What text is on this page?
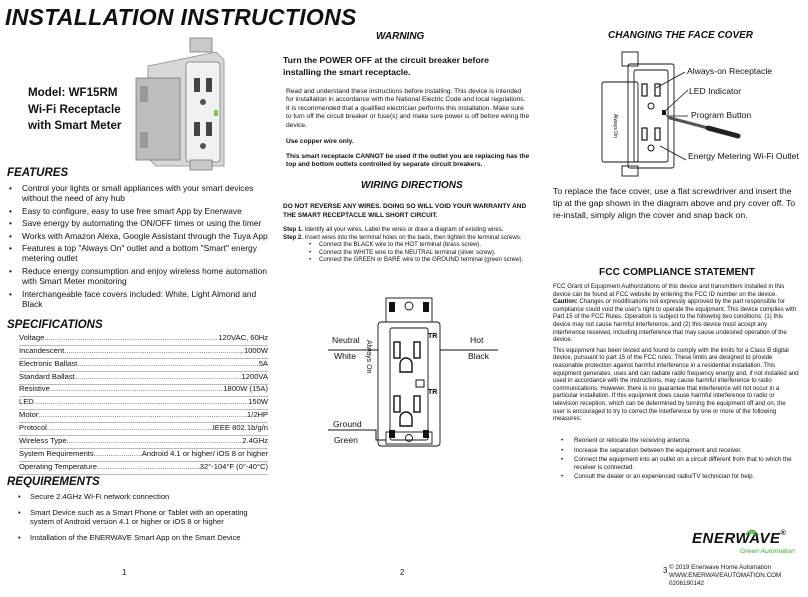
INSTALLATION INSTRUCTIONS
Model: WF15RM
Wi-Fi Receptacle
with Smart Meter
FEATURES
• Control your lights or small appliances with your smart devices without the need of any hub
• Easy to configure, easy to use free smart App by Enerwave
• Save energy by automating the ON/OFF times or using the timer
• Works with Amazon Alexa, Google Assistant through the Tuya App
• Features a top "Always On" outlet and a bottom "Smart" energy metering outlet
• Reduce energy consumption and enjoy wireless home automation with Smart Meter monitoring
• Interchangeable face covers included: White, Light Almond and Black
SPECIFICATIONS
Voltage .....	120VAC, 60Hz
Incandescent .....	1000W
Electronic Ballast .....	5A
Standard Ballast .....	1200VA
Resistive .....	1800W (15A)
LED .....	150W
Motor .....	1/2HP
Protocol .....	IEEE 802.1b/g/n
Wireless Type .....	2.4GHz
System Requirements .....	Android 4.1 or higher/ iOS 8 or higher
Operating Temperature .....	32°-104°F (0°-40°C)
REQUIREMENTS
• Secure 2.4GHz Wi-Fi network connection
• Smart Device such as a Smart Phone or Tablet with an operating system of Android version 4.1 or higher or iOS 8 or higher
• Installation of the ENERWAVE Smart App on the Smart Device
1
WARNING
Turn the POWER OFF at the circuit breaker before installing the smart receptacle.
Read and understand these instructions before installing. This device is intended for installation in accordance with the National Electric Code and local regulations. It is recommended that a qualified electrician performs this installation. Make sure to turn off the circuit breaker or fuse(s) and make sure power is off before wiring the device.
Use copper wire only.
This smart receptacle CANNOT be used if the outlet you are replacing has the top and bottom outlets controlled by separate circuit breakers.
WIRING DIRECTIONS
DO NOT REVERSE ANY WIRES. DOING SO WILL VOID YOUR WARRANTY AND THE SMART RECEPTACLE WILL SHORT CIRCUIT.
Step 1. Identify all your wires. Label the wires or draw a diagram of existing wires.
Step 2. Insert wires into the terminal holes on the back, then tighten the terminal screws.
• Connect the BLACK wire to the HOT terminal (brass screw).
• Connect the WHITE wire to the NEUTRAL terminal (silver screw).
• Connect the GREEN or BARE wire to the GROUND terminal (green screw).
TR
TR
Always On
Neutral
White
Hot
Black
Ground
Green
2
CHANGING THE FACE COVER
Always On
Always-on Receptacle
LED Indicator
Program Button
Energy Metering Wi-Fi Outlet
To replace the face cover, use a flat screwdriver and insert the tip at the gap shown in the diagram above and pry cover off. To re-install, simply align the cover and snap back on.
FCC COMPLIANCE STATEMENT
FCC Grant of Equipment Authorizations of this device and transmitters installed in this device can be found at FCC website by entering the FCC ID number on the device.
Caution: Changes or modifications not expressly approved by the part responsible for compliance could void the user's right to operate the equipment. This device complies with Part 15 of the FCC Rules. Operation is subject to the following two conditions: (1) this device may not cause harmful interference, and (2) this device must accept any interference received, including interference that may cause undesired operation of the device.
This equipment has been tested and found to comply with the limits for a Class B digital device, pursuant to part 15 of the FCC rules. These limits are designed to provide reasonable protection against harmful interference in a residential installation. This equipment generates, uses and can radiate radio frequency energy and, if not installed and used in accordance with the instructions, may cause harmful interference to radio communications. However, there is no guarantee that interference will not occur in a particular installation. If this equipment does cause harmful interference to radio or television reception, which can be determined by turning the equipment off and on, the user is encouraged to try to correct the interference by one or more of the following measures:
• Reorient or relocate the receiving antenna.
• Increase the separation between the equipment and receiver.
• Connect the equipment into an outlet on a circuit different from that to which the receiver is connected.
• Consult the dealer or an experienced radio/TV technician for help.
ENERWAVE®
Green Automation
© 2019 Enerwave Home Automation
WWW.ENERWAVEAUTOMATION.COM
0206190142
3
